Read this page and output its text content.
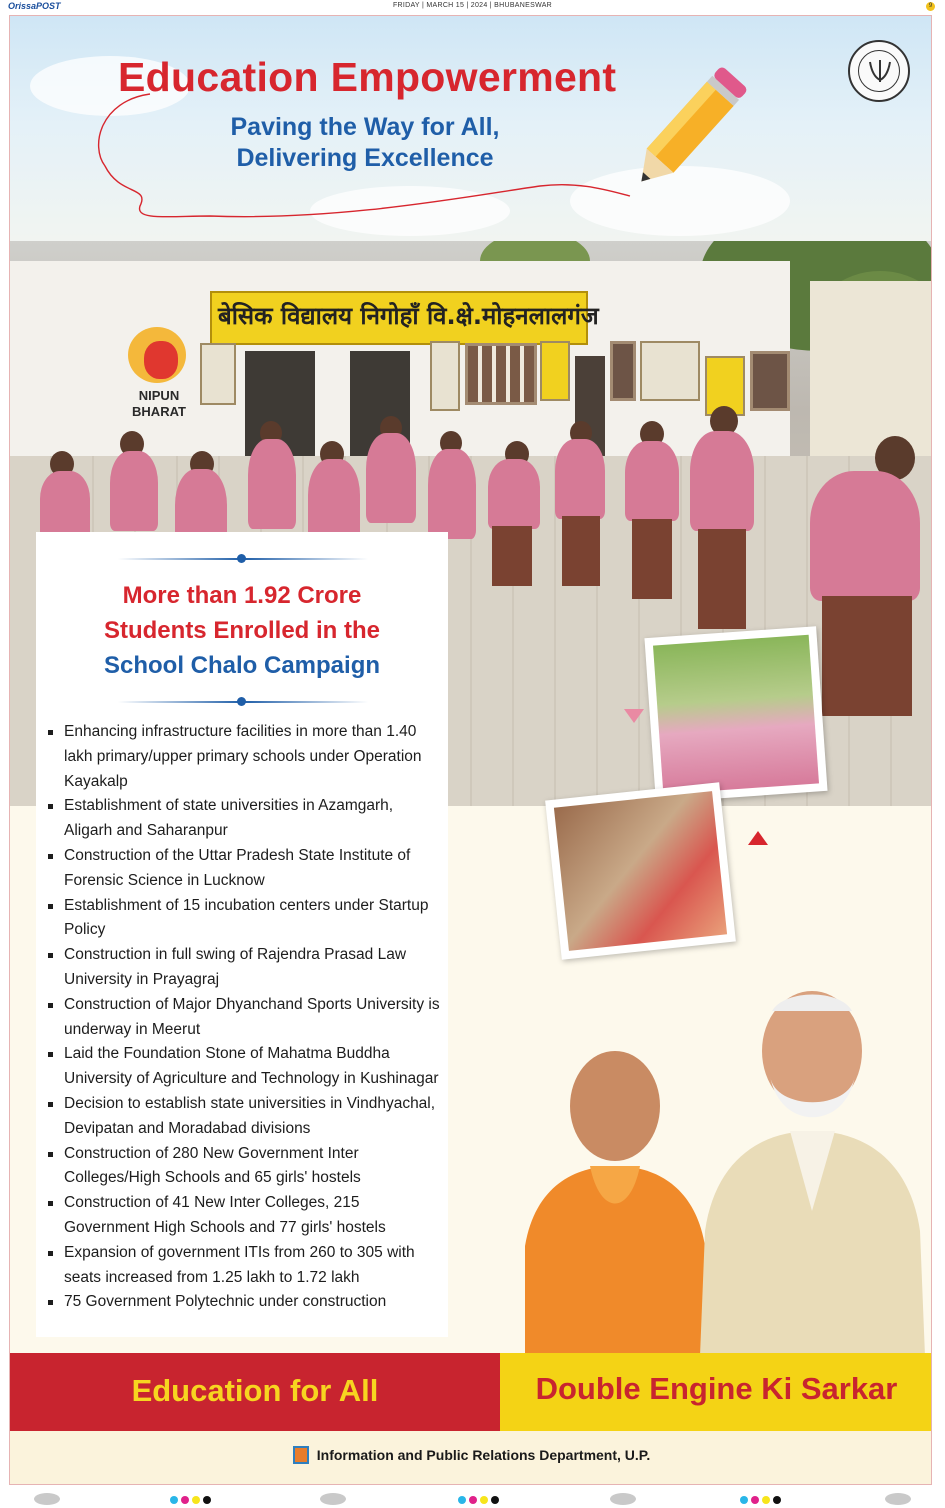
OrissaPOST	FRIDAY | MARCH 15 | 2024 | BHUBANESWAR	9
Education Empowerment
Paving the Way for All,
Delivering Excellence
बेसिक विद्यालय निगोहाँ वि.क्षे.मोहनलालगंज
NIPUN
BHARAT
More than 1.92 Crore
Students Enrolled in the
School Chalo Campaign
Enhancing infrastructure facilities in more than 1.40 lakh primary/upper primary schools under Operation Kayakalp
Establishment of state universities in Azamgarh, Aligarh and Saharanpur
Construction of the Uttar Pradesh State Institute of Forensic Science in Lucknow
Establishment of 15 incubation centers under Startup Policy
Construction in full swing of Rajendra Prasad Law University in Prayagraj
Construction of Major Dhyanchand Sports University is underway in Meerut
Laid the Foundation Stone of Mahatma Buddha University of Agriculture and Technology in Kushinagar
Decision to establish state universities in Vindhyachal, Devipatan and Moradabad divisions
Construction of 280 New Government Inter Colleges/High Schools and 65 girls' hostels
Construction of 41 New Inter Colleges, 215 Government High Schools and 77 girls' hostels
Expansion of government ITIs from 260 to 305 with seats increased from 1.25 lakh to 1.72 lakh
75 Government Polytechnic under construction
Education for All	Double Engine Ki Sarkar
Information and Public Relations Department, U.P.
